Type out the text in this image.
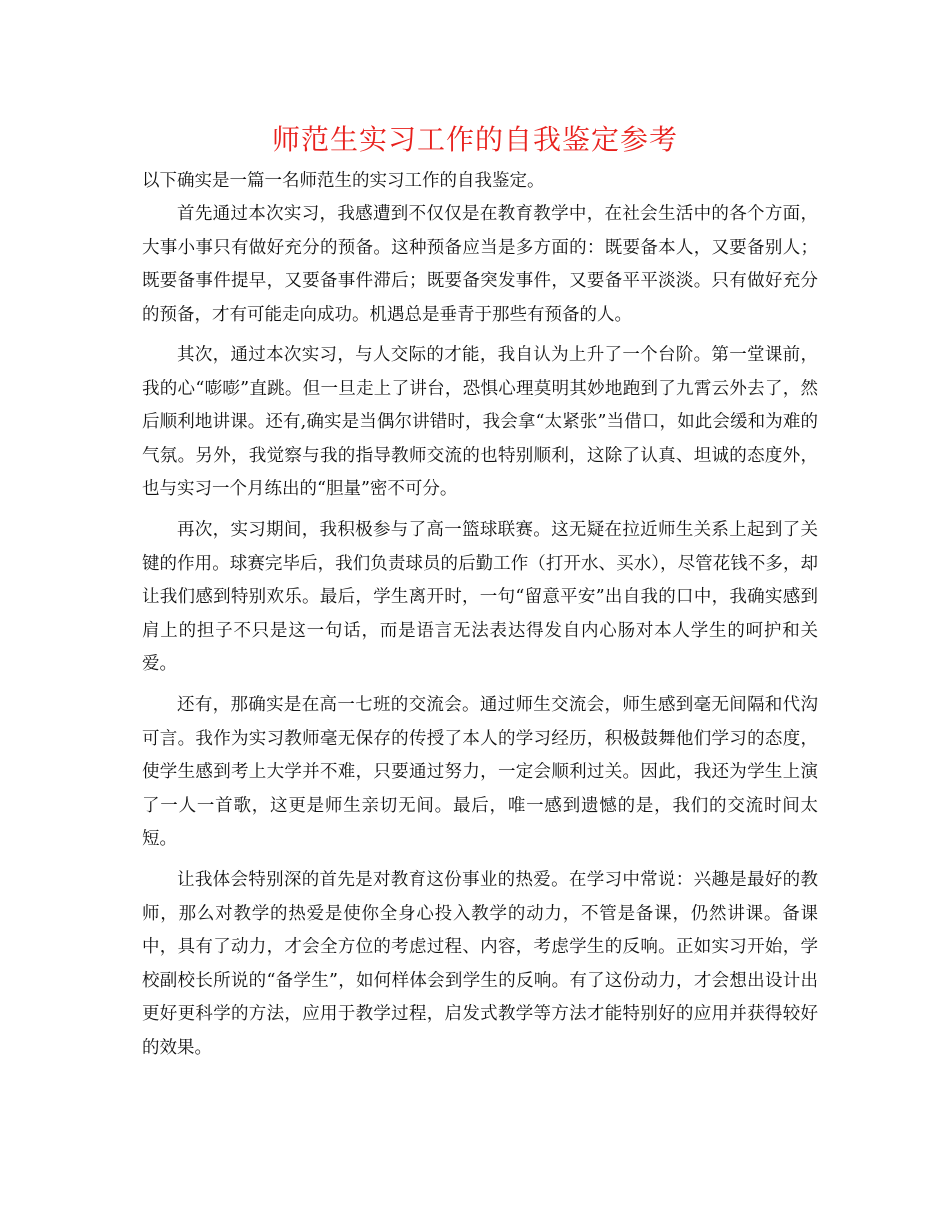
师范生实习工作的自我鉴定参考

以下确实是一篇一名师范生的实习工作的自我鉴定。

首先通过本次实习，我感遭到不仅仅是在教育教学中，在社会生活中的各个方面，大事小事只有做好充分的预备。这种预备应当是多方面的：既要备本人，又要备别人；既要备事件提早，又要备事件滞后；既要备突发事件，又要备平平淡淡。只有做好充分的预备，才有可能走向成功。机遇总是垂青于那些有预备的人。

其次，通过本次实习，与人交际的才能，我自认为上升了一个台阶。第一堂课前，我的心“嘭嘭”直跳。但一旦走上了讲台，恐惧心理莫明其妙地跑到了九霄云外去了，然后顺利地讲课。还有,确实是当偶尔讲错时，我会拿“太紧张”当借口，如此会缓和为难的气氛。另外，我觉察与我的指导教师交流的也特别顺利，这除了认真、坦诚的态度外，也与实习一个月练出的“胆量”密不可分。

再次，实习期间，我积极参与了高一篮球联赛。这无疑在拉近师生关系上起到了关键的作用。球赛完毕后，我们负责球员的后勤工作（打开水、买水），尽管花钱不多，却让我们感到特别欢乐。最后，学生离开时，一句“留意平安”出自我的口中，我确实感到肩上的担子不只是这一句话，而是语言无法表达得发自内心肠对本人学生的呵护和关爱。

还有，那确实是在高一七班的交流会。通过师生交流会，师生感到毫无间隔和代沟可言。我作为实习教师毫无保存的传授了本人的学习经历，积极鼓舞他们学习的态度，使学生感到考上大学并不难，只要通过努力，一定会顺利过关。因此，我还为学生上演了一人一首歌，这更是师生亲切无间。最后，唯一感到遗憾的是，我们的交流时间太短。

让我体会特别深的首先是对教育这份事业的热爱。在学习中常说：兴趣是最好的教师，那么对教学的热爱是使你全身心投入教学的动力，不管是备课，仍然讲课。备课中，具有了动力，才会全方位的考虑过程、内容，考虑学生的反响。正如实习开始，学校副校长所说的“备学生”，如何样体会到学生的反响。有了这份动力，才会想出设计出更好更科学的方法，应用于教学过程，启发式教学等方法才能特别好的应用并获得较好的效果。
